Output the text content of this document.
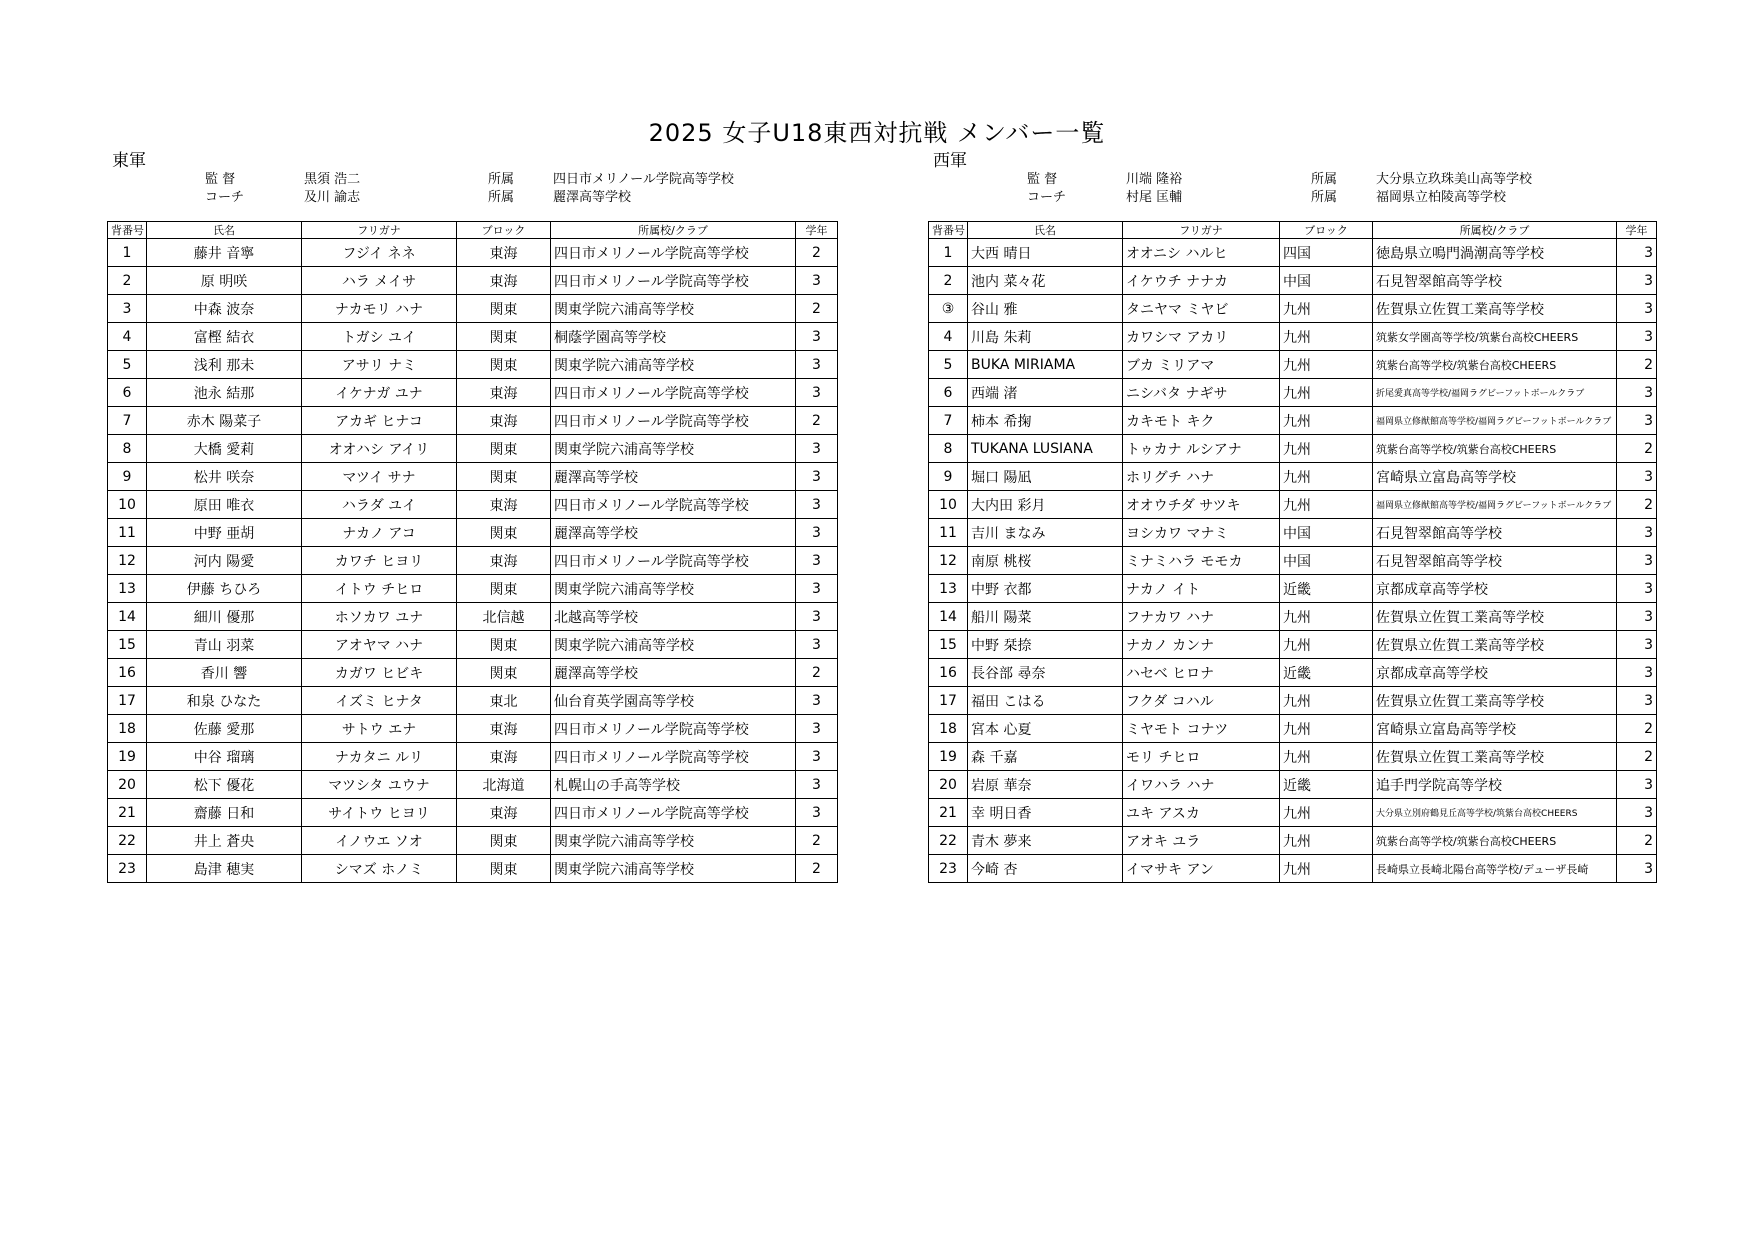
2025 女子U18東西対抗戦 メンバー一覧
東軍
監 督	黒須 浩二	所属	四日市メリノール学院高等学校
コーチ	及川 諭志	所属	麗澤高等学校
西軍
監 督	川端 隆裕	所属	大分県立玖珠美山高等学校
コーチ	村尾 匡輔	所属	福岡県立柏陵高等学校
背番号	氏名	フリガナ	ブロック	所属校/クラブ	学年
1	藤井 音寧	フジイ ネネ	東海	四日市メリノール学院高等学校	2
2	原 明咲	ハラ メイサ	東海	四日市メリノール学院高等学校	3
3	中森 波奈	ナカモリ ハナ	関東	関東学院六浦高等学校	2
4	富樫 結衣	トガシ ユイ	関東	桐蔭学園高等学校	3
5	浅利 那未	アサリ ナミ	関東	関東学院六浦高等学校	3
6	池永 結那	イケナガ ユナ	東海	四日市メリノール学院高等学校	3
7	赤木 陽菜子	アカギ ヒナコ	東海	四日市メリノール学院高等学校	2
8	大橋 愛莉	オオハシ アイリ	関東	関東学院六浦高等学校	3
9	松井 咲奈	マツイ サナ	関東	麗澤高等学校	3
10	原田 唯衣	ハラダ ユイ	東海	四日市メリノール学院高等学校	3
11	中野 亜胡	ナカノ アコ	関東	麗澤高等学校	3
12	河内 陽愛	カワチ ヒヨリ	東海	四日市メリノール学院高等学校	3
13	伊藤 ちひろ	イトウ チヒロ	関東	関東学院六浦高等学校	3
14	細川 優那	ホソカワ ユナ	北信越	北越高等学校	3
15	青山 羽菜	アオヤマ ハナ	関東	関東学院六浦高等学校	3
16	香川 響	カガワ ヒビキ	関東	麗澤高等学校	2
17	和泉 ひなた	イズミ ヒナタ	東北	仙台育英学園高等学校	3
18	佐藤 愛那	サトウ エナ	東海	四日市メリノール学院高等学校	3
19	中谷 瑠璃	ナカタニ ルリ	東海	四日市メリノール学院高等学校	3
20	松下 優花	マツシタ ユウナ	北海道	札幌山の手高等学校	3
21	齋藤 日和	サイトウ ヒヨリ	東海	四日市メリノール学院高等学校	3
22	井上 蒼央	イノウエ ソオ	関東	関東学院六浦高等学校	2
23	島津 穂実	シマズ ホノミ	関東	関東学院六浦高等学校	2
背番号	氏名	フリガナ	ブロック	所属校/クラブ	学年
1	大西 晴日	オオニシ ハルヒ	四国	徳島県立鳴門渦潮高等学校	3
2	池内 菜々花	イケウチ ナナカ	中国	石見智翠館高等学校	3
③	谷山 雅	タニヤマ ミヤビ	九州	佐賀県立佐賀工業高等学校	3
4	川島 朱莉	カワシマ アカリ	九州	筑紫女学園高等学校/筑紫台高校CHEERS	3
5	BUKA MIRIAMA	ブカ ミリアマ	九州	筑紫台高等学校/筑紫台高校CHEERS	2
6	西端 渚	ニシバタ ナギサ	九州	折尾愛真高等学校/福岡ラグビーフットボールクラブ	3
7	柿本 希掬	カキモト キク	九州	福岡県立修猷館高等学校/福岡ラグビーフットボールクラブ	3
8	TUKANA LUSIANA	トゥカナ ルシアナ	九州	筑紫台高等学校/筑紫台高校CHEERS	2
9	堀口 陽凪	ホリグチ ハナ	九州	宮崎県立富島高等学校	3
10	大内田 彩月	オオウチダ サツキ	九州	福岡県立修猷館高等学校/福岡ラグビーフットボールクラブ	2
11	吉川 まなみ	ヨシカワ マナミ	中国	石見智翠館高等学校	3
12	南原 桃桜	ミナミハラ モモカ	中国	石見智翠館高等学校	3
13	中野 衣都	ナカノ イト	近畿	京都成章高等学校	3
14	船川 陽菜	フナカワ ハナ	九州	佐賀県立佐賀工業高等学校	3
15	中野 栞捺	ナカノ カンナ	九州	佐賀県立佐賀工業高等学校	3
16	長谷部 尋奈	ハセベ ヒロナ	近畿	京都成章高等学校	3
17	福田 こはる	フクダ コハル	九州	佐賀県立佐賀工業高等学校	3
18	宮本 心夏	ミヤモト コナツ	九州	宮崎県立富島高等学校	2
19	森 千嘉	モリ チヒロ	九州	佐賀県立佐賀工業高等学校	2
20	岩原 華奈	イワハラ ハナ	近畿	追手門学院高等学校	3
21	幸 明日香	ユキ アスカ	九州	大分県立別府鶴見丘高等学校/筑紫台高校CHEERS	3
22	青木 夢来	アオキ ユラ	九州	筑紫台高等学校/筑紫台高校CHEERS	2
23	今崎 杏	イマサキ アン	九州	長崎県立長崎北陽台高等学校/デューザ長崎	3
